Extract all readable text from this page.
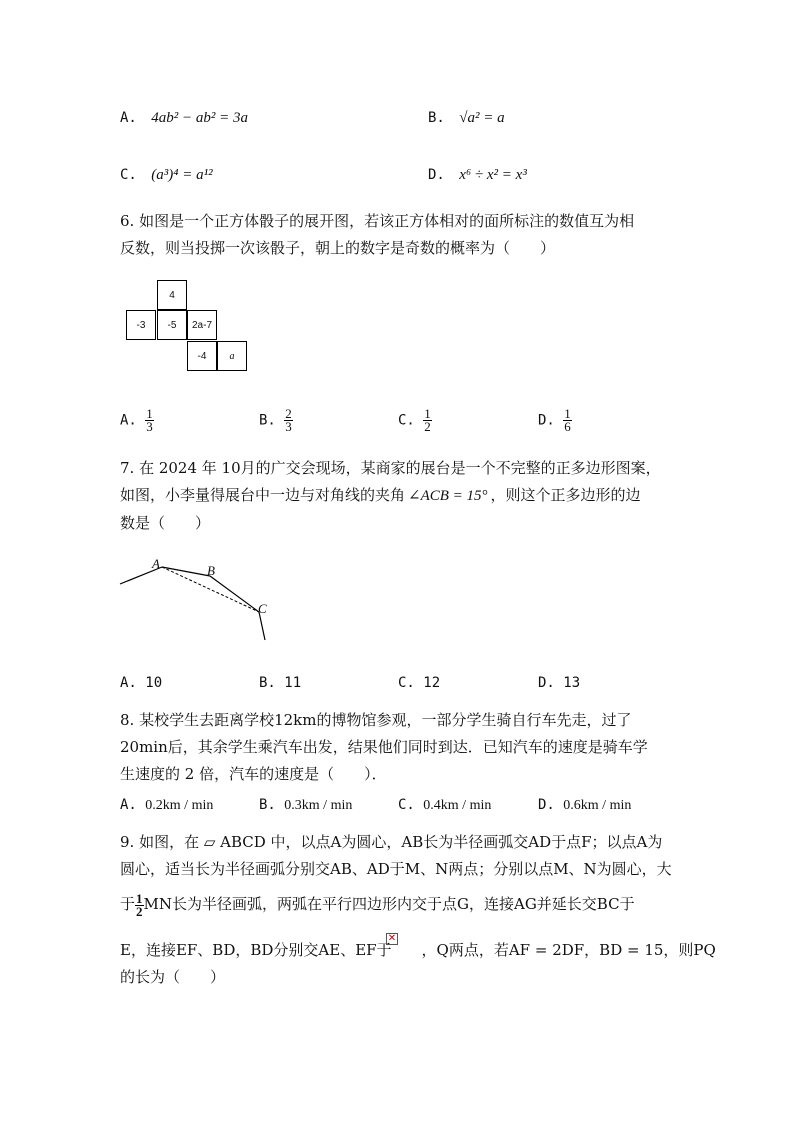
A. 4ab² − ab² = 3a	B. √a² = a
C. (a³)⁴ = a¹²	D. x⁶ ÷ x² = x³
6. 如图是一个正方体骰子的展开图，若该正方体相对的面所标注的数值互为相
反数，则当投掷一次该骰子，朝上的数字是奇数的概率为（　　）
4
-3	-5	2a-7
-4	a
A. $\frac{1}{3}$	B. $\frac{2}{3}$	C. $\frac{1}{2}$	D. $\frac{1}{6}$
7. 在 2024 年 10月的广交会现场，某商家的展台是一个不完整的正多边形图案，
如图，小李量得展台中一边与对角线的夹角 ∠ACB = 15° ，则这个正多边形的边
数是（　　）
A	B
C
A. 10	B. 11	C. 12	D. 13
8. 某校学生去距离学校12km的博物馆参观，一部分学生骑自行车先走，过了
20min后，其余学生乘汽车出发，结果他们同时到达．已知汽车的速度是骑车学
生速度的 2 倍，汽车的速度是（　　）．
A. 0.2km / min	B. 0.3km / min	C. 0.4km / min	D. 0.6km / min
9. 如图，在 ▱ ABCD 中，以点A为圆心，AB长为半径画弧交AD于点F；以点A为
圆心，适当长为半径画弧分别交AB、AD于M、N两点；分别以点M、N为圆心，大
于 $\frac{1}{2}$ MN长为半径画弧，两弧在平行四边形内交于点G，连接AG并延长交BC于
E，连接EF、BD，BD分别交AE、EF于　　，Q两点，若AF = 2DF，BD = 15，则PQ
✕
的长为（　　）
